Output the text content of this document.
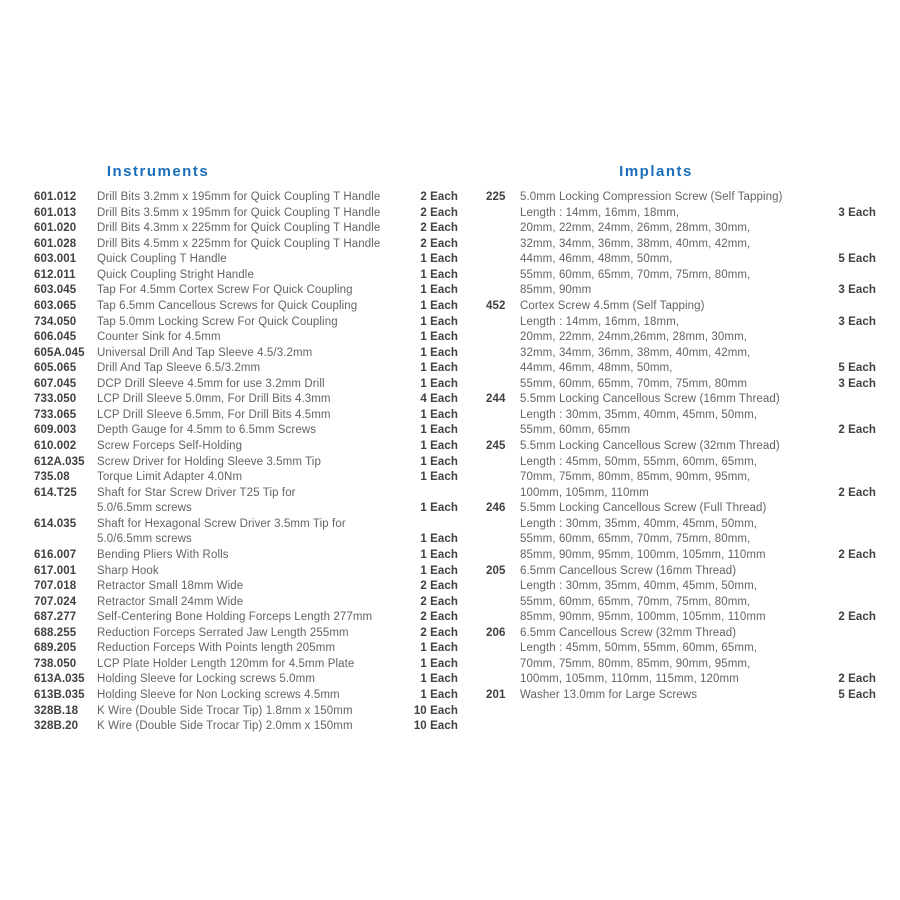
Instruments	Implants
601.012	Drill Bits 3.2mm x 195mm for Quick Coupling T Handle	2 Each
601.013	Drill Bits 3.5mm x 195mm for Quick Coupling T Handle	2 Each
601.020	Drill Bits 4.3mm x 225mm for Quick Coupling T Handle	2 Each
601.028	Drill Bits 4.5mm x 225mm for Quick Coupling T Handle	2 Each
603.001	Quick Coupling T Handle	1 Each
612.011	Quick Coupling Stright Handle	1 Each
603.045	Tap For 4.5mm Cortex Screw For Quick Coupling	1 Each
603.065	Tap 6.5mm Cancellous Screws for Quick Coupling	1 Each
734.050	Tap 5.0mm Locking Screw For Quick Coupling	1 Each
606.045	Counter Sink for 4.5mm	1 Each
605A.045	Universal Drill And Tap Sleeve 4.5/3.2mm	1 Each
605.065	Drill And Tap Sleeve 6.5/3.2mm	1 Each
607.045	DCP Drill Sleeve 4.5mm for use 3.2mm Drill	1 Each
733.050	LCP Drill Sleeve 5.0mm, For Drill Bits 4.3mm	4 Each
733.065	LCP Drill Sleeve 6.5mm, For Drill Bits 4.5mm	1 Each
609.003	Depth Gauge for 4.5mm to 6.5mm Screws	1 Each
610.002	Screw Forceps Self-Holding	1 Each
612A.035	Screw Driver for Holding Sleeve 3.5mm Tip	1 Each
735.08	Torque Limit Adapter 4.0Nm	1 Each
614.T25	Shaft for Star Screw Driver T25 Tip for
5.0/6.5mm screws	1 Each
614.035	Shaft for Hexagonal Screw Driver 3.5mm Tip for
5.0/6.5mm screws	1 Each
616.007	Bending Pliers With Rolls	1 Each
617.001	Sharp Hook	1 Each
707.018	Retractor Small 18mm Wide	2 Each
707.024	Retractor Small 24mm Wide	2 Each
687.277	Self-Centering Bone Holding Forceps Length 277mm	2 Each
688.255	Reduction Forceps Serrated Jaw Length 255mm	2 Each
689.205	Reduction Forceps With Points length 205mm	1 Each
738.050	LCP Plate Holder Length 120mm for 4.5mm Plate	1 Each
613A.035	Holding Sleeve for Locking screws 5.0mm	1 Each
613B.035	Holding Sleeve for Non Locking screws 4.5mm	1 Each
328B.18	K Wire (Double Side Trocar Tip) 1.8mm x 150mm	10 Each
328B.20	K Wire (Double Side Trocar Tip) 2.0mm x 150mm	10 Each
225	5.0mm Locking Compression Screw (Self Tapping)
Length : 14mm, 16mm, 18mm,	3 Each
20mm, 22mm, 24mm, 26mm, 28mm, 30mm,
32mm, 34mm, 36mm, 38mm, 40mm, 42mm,
44mm, 46mm, 48mm, 50mm,	5 Each
55mm, 60mm, 65mm, 70mm, 75mm, 80mm,
85mm, 90mm	3 Each
452	Cortex Screw 4.5mm (Self Tapping)
Length : 14mm, 16mm, 18mm,	3 Each
20mm, 22mm, 24mm,26mm, 28mm, 30mm,
32mm, 34mm, 36mm, 38mm, 40mm, 42mm,
44mm, 46mm, 48mm, 50mm,	5 Each
55mm, 60mm, 65mm, 70mm, 75mm, 80mm	3 Each
244	5.5mm Locking Cancellous Screw (16mm Thread)
Length : 30mm, 35mm, 40mm, 45mm, 50mm,
55mm, 60mm, 65mm	2 Each
245	5.5mm Locking Cancellous Screw (32mm Thread)
Length : 45mm, 50mm, 55mm, 60mm, 65mm,
70mm, 75mm, 80mm, 85mm, 90mm, 95mm,
100mm, 105mm, 110mm	2 Each
246	5.5mm Locking Cancellous Screw (Full Thread)
Length : 30mm, 35mm, 40mm, 45mm, 50mm,
55mm, 60mm, 65mm, 70mm, 75mm, 80mm,
85mm, 90mm, 95mm, 100mm, 105mm, 110mm	2 Each
205	6.5mm Cancellous Screw (16mm Thread)
Length : 30mm, 35mm, 40mm, 45mm, 50mm,
55mm, 60mm, 65mm, 70mm, 75mm, 80mm,
85mm, 90mm, 95mm, 100mm, 105mm, 110mm	2 Each
206	6.5mm Cancellous Screw (32mm Thread)
Length : 45mm, 50mm, 55mm, 60mm, 65mm,
70mm, 75mm, 80mm, 85mm, 90mm, 95mm,
100mm, 105mm, 110mm, 115mm, 120mm	2 Each
201	Washer 13.0mm for Large Screws	5 Each
